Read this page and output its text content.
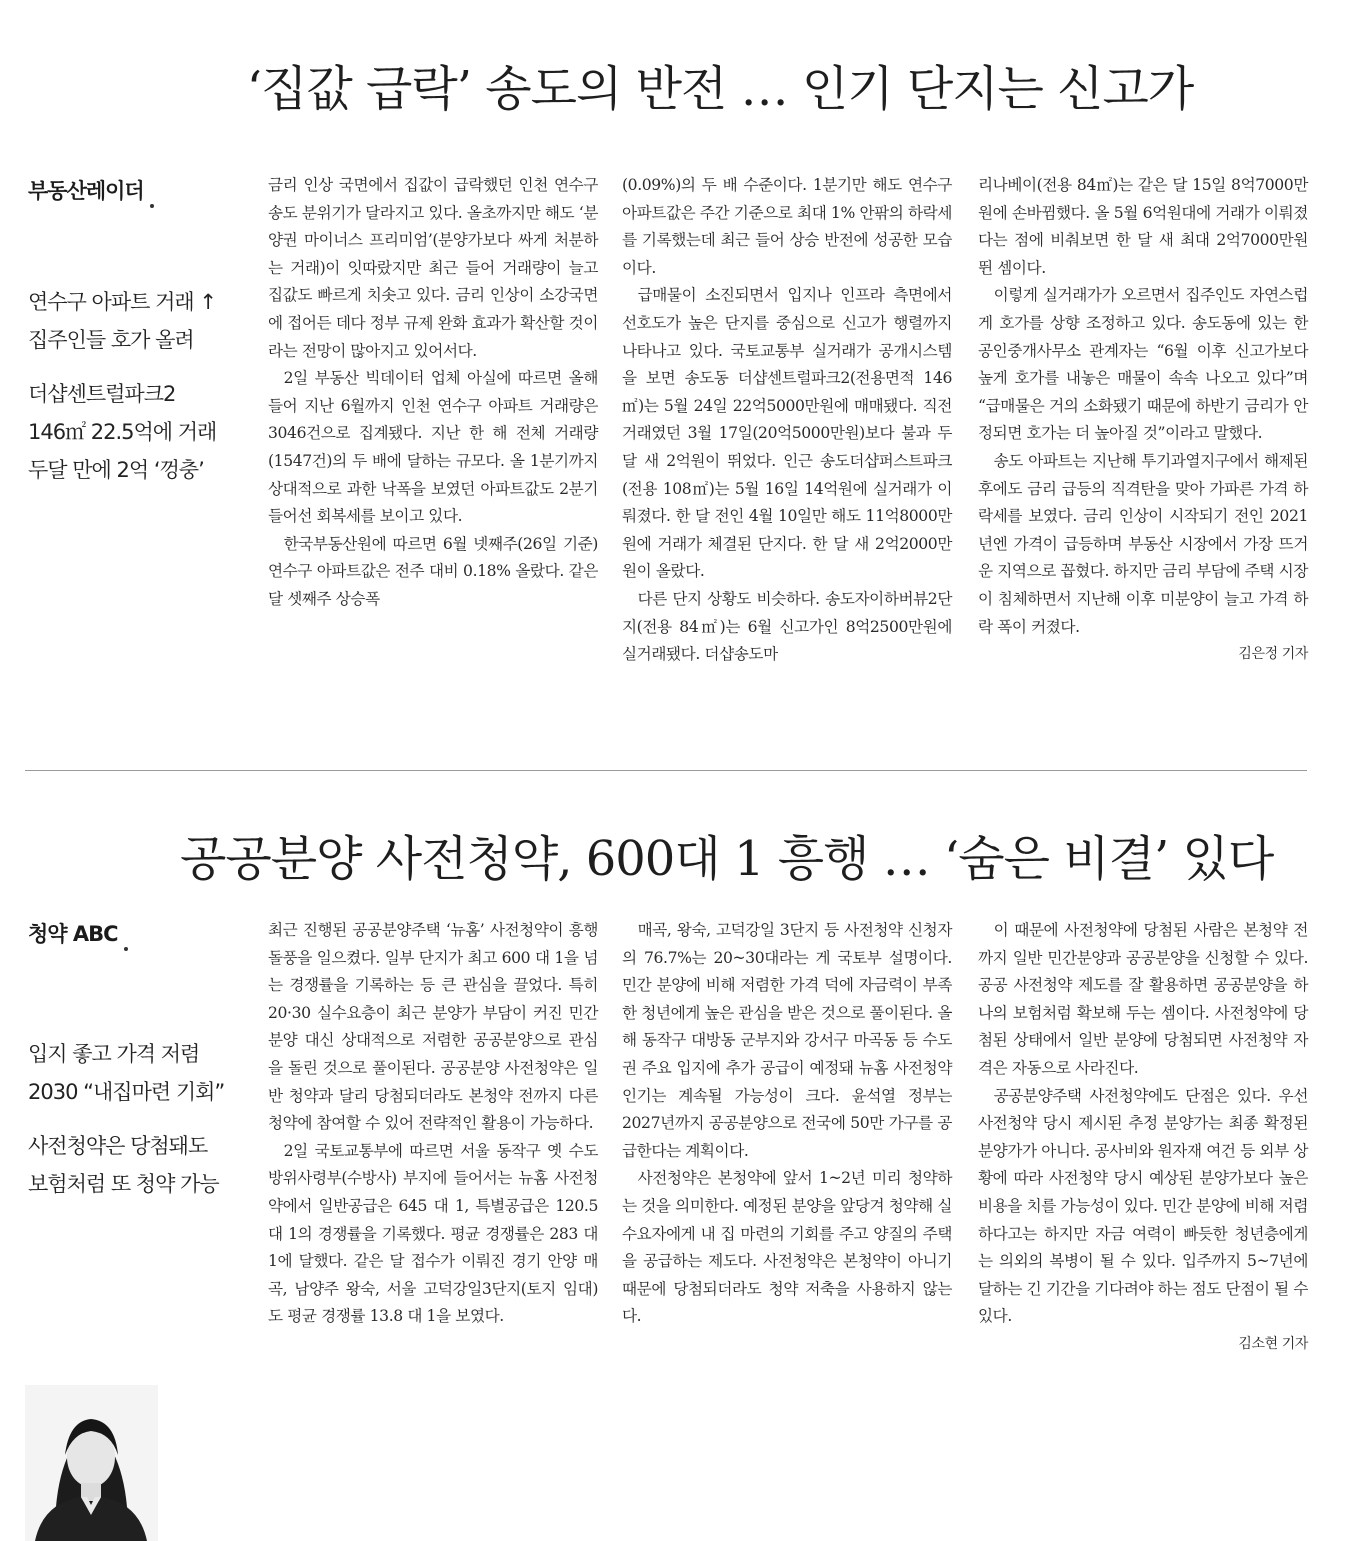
‘집값 급락’ 송도의 반전 … 인기 단지는 신고가
부동산레이더

연수구 아파트 거래 ↑

집주인들 호가 올려

더샵센트럴파크2

146㎡ 22.5억에 거래

두달 만에 2억 ‘껑충’

금리 인상 국면에서 집값이 급락했던 인천 연수구 송도 분위기가 달라지고 있다. 올초까지만 해도 ‘분양권 마이너스 프리미엄’(분양가보다 싸게 처분하는 거래)이 잇따랐지만 최근 들어 거래량이 늘고 집값도 빠르게 치솟고 있다. 금리 인상이 소강국면에 접어든 데다 정부 규제 완화 효과가 확산할 것이라는 전망이 많아지고 있어서다.

2일 부동산 빅데이터 업체 아실에 따르면 올해 들어 지난 6월까지 인천 연수구 아파트 거래량은 3046건으로 집계됐다. 지난 한 해 전체 거래량(1547건)의 두 배에 달하는 규모다. 올 1분기까지 상대적으로 과한 낙폭을 보였던 아파트값도 2분기 들어선 회복세를 보이고 있다.

한국부동산원에 따르면 6월 넷째주(26일 기준) 연수구 아파트값은 전주 대비 0.18% 올랐다. 같은 달 셋째주 상승폭

(0.09%)의 두 배 수준이다. 1분기만 해도 연수구 아파트값은 주간 기준으로 최대 1% 안팎의 하락세를 기록했는데 최근 들어 상승 반전에 성공한 모습이다.

급매물이 소진되면서 입지나 인프라 측면에서 선호도가 높은 단지를 중심으로 신고가 행렬까지 나타나고 있다. 국토교통부 실거래가 공개시스템을 보면 송도동 더샵센트럴파크2(전용면적 146㎡)는 5월 24일 22억5000만원에 매매됐다. 직전 거래였던 3월 17일(20억5000만원)보다 불과 두 달 새 2억원이 뛰었다. 인근 송도더샵퍼스트파크(전용 108㎡)는 5월 16일 14억원에 실거래가 이뤄졌다. 한 달 전인 4월 10일만 해도 11억8000만원에 거래가 체결된 단지다. 한 달 새 2억2000만원이 올랐다.

다른 단지 상황도 비슷하다. 송도자이하버뷰2단지(전용 84㎡)는 6월 신고가인 8억2500만원에 실거래됐다. 더샵송도마

리나베이(전용 84㎡)는 같은 달 15일 8억7000만원에 손바뀜했다. 올 5월 6억원대에 거래가 이뤄졌다는 점에 비춰보면 한 달 새 최대 2억7000만원 뛴 셈이다.

이렇게 실거래가가 오르면서 집주인도 자연스럽게 호가를 상향 조정하고 있다. 송도동에 있는 한 공인중개사무소 관계자는 “6월 이후 신고가보다 높게 호가를 내놓은 매물이 속속 나오고 있다”며 “급매물은 거의 소화됐기 때문에 하반기 금리가 안정되면 호가는 더 높아질 것”이라고 말했다.

송도 아파트는 지난해 투기과열지구에서 해제된 후에도 금리 급등의 직격탄을 맞아 가파른 가격 하락세를 보였다. 금리 인상이 시작되기 전인 2021년엔 가격이 급등하며 부동산 시장에서 가장 뜨거운 지역으로 꼽혔다. 하지만 금리 부담에 주택 시장이 침체하면서 지난해 이후 미분양이 늘고 가격 하락 폭이 커졌다.

김은정 기자
공공분양 사전청약, 600대 1 흥행 … ‘숨은 비결’ 있다
청약 ABC

입지 좋고 가격 저렴

2030 “내집마련 기회”

사전청약은 당첨돼도

보험처럼 또 청약 가능

최근 진행된 공공분양주택 ‘뉴홈’ 사전청약이 흥행 돌풍을 일으켰다. 일부 단지가 최고 600 대 1을 넘는 경쟁률을 기록하는 등 큰 관심을 끌었다. 특히 20·30 실수요층이 최근 분양가 부담이 커진 민간분양 대신 상대적으로 저렴한 공공분양으로 관심을 돌린 것으로 풀이된다. 공공분양 사전청약은 일반 청약과 달리 당첨되더라도 본청약 전까지 다른 청약에 참여할 수 있어 전략적인 활용이 가능하다.

2일 국토교통부에 따르면 서울 동작구 옛 수도방위사령부(수방사) 부지에 들어서는 뉴홈 사전청약에서 일반공급은 645 대 1, 특별공급은 120.5 대 1의 경쟁률을 기록했다. 평균 경쟁률은 283 대 1에 달했다. 같은 달 접수가 이뤄진 경기 안양 매곡, 남양주 왕숙, 서울 고덕강일3단지(토지 임대)도 평균 경쟁률 13.8 대 1을 보였다.

매곡, 왕숙, 고덕강일 3단지 등 사전청약 신청자의 76.7%는 20~30대라는 게 국토부 설명이다. 민간 분양에 비해 저렴한 가격 덕에 자금력이 부족한 청년에게 높은 관심을 받은 것으로 풀이된다. 올해 동작구 대방동 군부지와 강서구 마곡동 등 수도권 주요 입지에 추가 공급이 예정돼 뉴홈 사전청약 인기는 계속될 가능성이 크다. 윤석열 정부는 2027년까지 공공분양으로 전국에 50만 가구를 공급한다는 계획이다.

사전청약은 본청약에 앞서 1~2년 미리 청약하는 것을 의미한다. 예정된 분양을 앞당겨 청약해 실수요자에게 내 집 마련의 기회를 주고 양질의 주택을 공급하는 제도다. 사전청약은 본청약이 아니기 때문에 당첨되더라도 청약 저축을 사용하지 않는다.

이 때문에 사전청약에 당첨된 사람은 본청약 전까지 일반 민간분양과 공공분양을 신청할 수 있다. 공공 사전청약 제도를 잘 활용하면 공공분양을 하나의 보험처럼 확보해 두는 셈이다. 사전청약에 당첨된 상태에서 일반 분양에 당첨되면 사전청약 자격은 자동으로 사라진다.

공공분양주택 사전청약에도 단점은 있다. 우선 사전청약 당시 제시된 추정 분양가는 최종 확정된 분양가가 아니다. 공사비와 원자재 여건 등 외부 상황에 따라 사전청약 당시 예상된 분양가보다 높은 비용을 치를 가능성이 있다. 민간 분양에 비해 저렴하다고는 하지만 자금 여력이 빠듯한 청년층에게는 의외의 복병이 될 수 있다. 입주까지 5~7년에 달하는 긴 기간을 기다려야 하는 점도 단점이 될 수 있다.

김소현 기자
